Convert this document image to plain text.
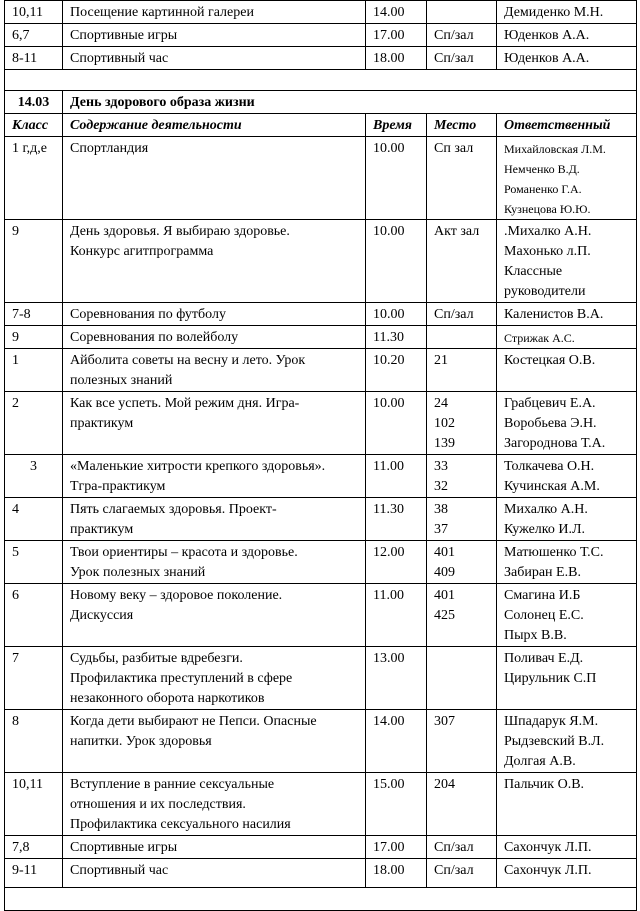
10,11	Посещение картинной галереи	14.00		Демиденко М.Н.

6,7	Спортивные игры	17.00	Сп/зал	Юденков А.А.

8-11	Спортивный час	18.00	Сп/зал	Юденков А.А.

14.03	День здорового образа жизни			
Класс	Содержание деятельности	Время	Место	Ответственный
1 г,д,е	Спортландия	10.00	Сп зал	Михайловская Л.М.
Немченко В.Д.
Романенко Г.А.
Кузнецова Ю.Ю.

9	День здоровья. Я выбираю здоровье.
Конкурс агитпрограмма	10.00	Акт зал	.Михалко А.Н.
Махонько л.П.
Классные
руководители

7-8	Соревнования по футболу	10.00	Сп/зал	Каленистов В.А.

9	Соревнования по волейболу	11.30		Стрижак А.С.

1	Айболита советы на весну и лето. Урок
полезных знаний	10.20	21	Костецкая О.В.

2	Как все успеть. Мой режим дня. Игра-
практикум	10.00	24
102
139	Грабцевич Е.А.
Воробьева Э.Н.
Загороднова Т.А.

3	«Маленькие хитрости крепкого здоровья».
Тгра-практикум	11.00	33
32	Толкачева О.Н.
Кучинская А.М.

4	Пять слагаемых здоровья. Проект-
практикум	11.30	38
37	Михалко А.Н.
Кужелко И.Л.

5	Твои ориентиры – красота и здоровье.
Урок полезных знаний	12.00	401
409	Матюшенко Т.С.
Забиран Е.В.

6	Новому веку – здоровое поколение.
Дискуссия	11.00	401
425	Смагина И.Б
Солонец Е.С.
Пырх В.В.

7	Судьбы, разбитые вдребезги.
Профилактика преступлений в сфере
незаконного оборота наркотиков	13.00		Поливач Е.Д.
Цирульник С.П

8	Когда дети выбирают не Пепси. Опасные
напитки. Урок здоровья	14.00	307	Шпадарук Я.М.
Рыдзевский В.Л.
Долгая А.В.

10,11	Вступление в ранние сексуальные
отношения и их последствия.
Профилактика сексуального насилия	15.00	204	Пальчик О.В.

7,8	Спортивные игры	17.00	Сп/зал	Сахончук Л.П.

9-11	Спортивный час	18.00	Сп/зал	Сахончук Л.П.
